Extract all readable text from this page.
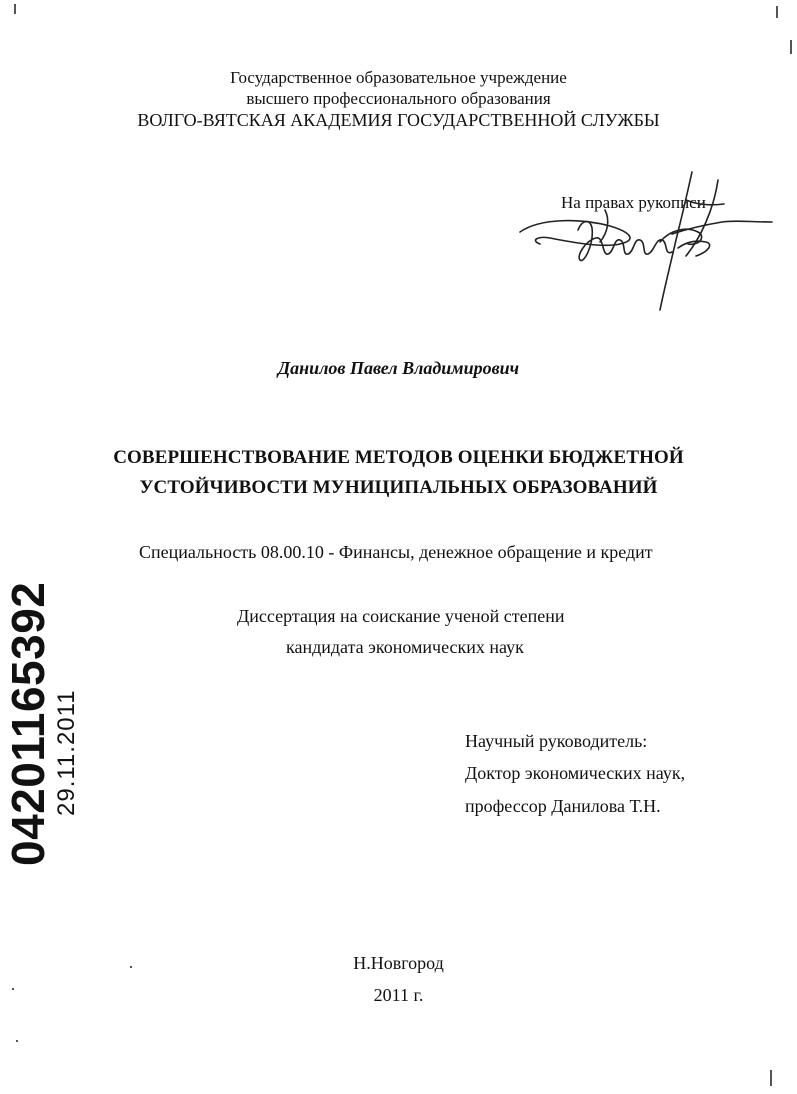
Государственное образовательное учреждение
высшего профессионального образования
ВОЛГО-ВЯТСКАЯ АКАДЕМИЯ ГОСУДАРСТВЕННОЙ СЛУЖБЫ
На правах рукописи
Данилов Павел Владимирович
СОВЕРШЕНСТВОВАНИЕ МЕТОДОВ ОЦЕНКИ БЮДЖЕТНОЙ
УСТОЙЧИВОСТИ МУНИЦИПАЛЬНЫХ ОБРАЗОВАНИЙ
Специальность 08.00.10 - Финансы, денежное обращение и кредит
Диссертация на соискание ученой степени
кандидата экономических наук
Научный руководитель:
Доктор экономических наук,
профессор Данилова Т.Н.
Н.Новгород
2011 г.
04201165392 29.11.2011
